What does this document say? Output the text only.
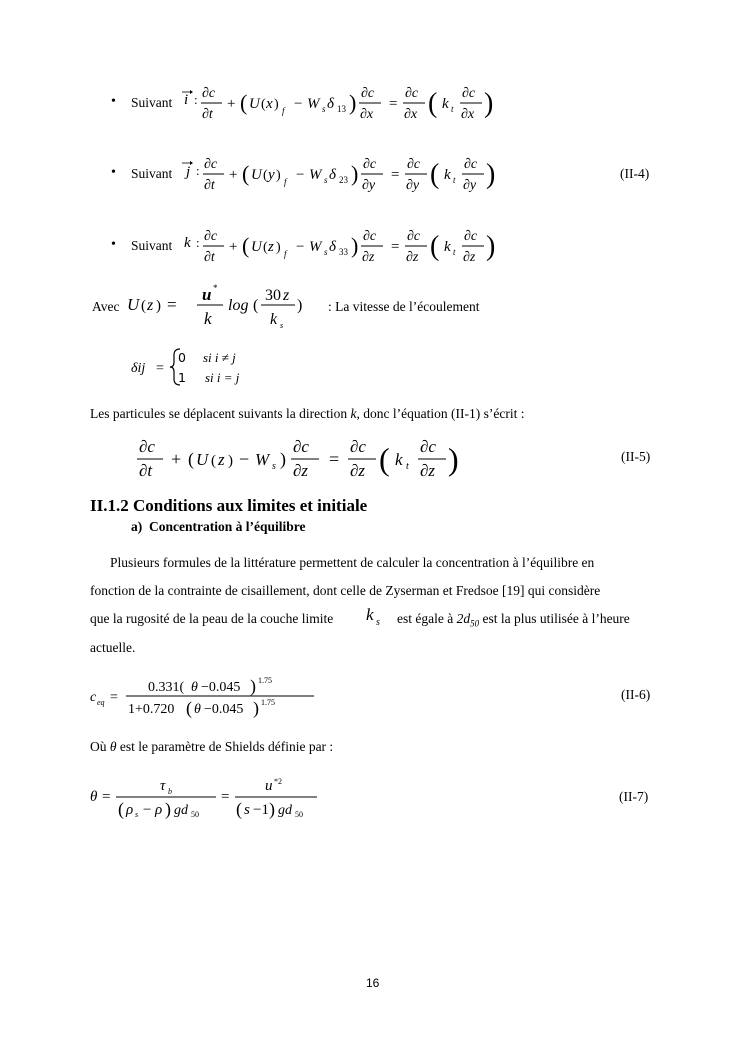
• Suivant i : ∂c
∂t
+ ( U ( x ) f − W s δ 13 ) ∂c
∂x
=
∂c
∂x ( k t
∂c
∂x )
• Suivant j : ∂c
∂t
+ ( U ( y ) f − W s δ 23 ) ∂c
∂y
=
∂c
∂y ( k t
∂c
∂y )	(II-4)
• Suivant k : ∂c
∂t
+ ( U ( z ) f − W s δ 33 ) ∂c
∂z
=
∂c
∂z ( k t
∂c
∂z )
Avec U ( z ) =
u *
k
log (
30 z
k s
) : La vitesse de l’écoulement
δij =
0 si i ≠ j
1 si i = j
Les particules se déplacent suivants la direction k, donc l’équation (II-1) s’écrit :
∂c
∂t
+ ( U ( z ) − W s )
∂c
∂z
=
∂c
∂z ( k t
∂c
∂z )	(II-5)
II.1.2 Conditions aux limites et initiale
a) Concentration à l’équilibre
Plusieurs formules de la littérature permettent de calculer la concentration à l’équilibre en
fonction de la contrainte de cisaillement, dont celle de Zyserman et Fredsoe [19] qui considère
que la rugosité de la peau de la couche limite k s est égale à $2d_{50}$ est la plus utilisée à l’heure
actuelle.
c eq =
0.331( θ −0.045 ) 1.75
1+0.720 ( θ −0.045 ) 1.75
(II-6)
Où θ est le paramètre de Shields définie par :
θ =
τ b
( ρ s − ρ ) gd 50
=
u *2
( s −1 ) gd 50
(II-7)
16
